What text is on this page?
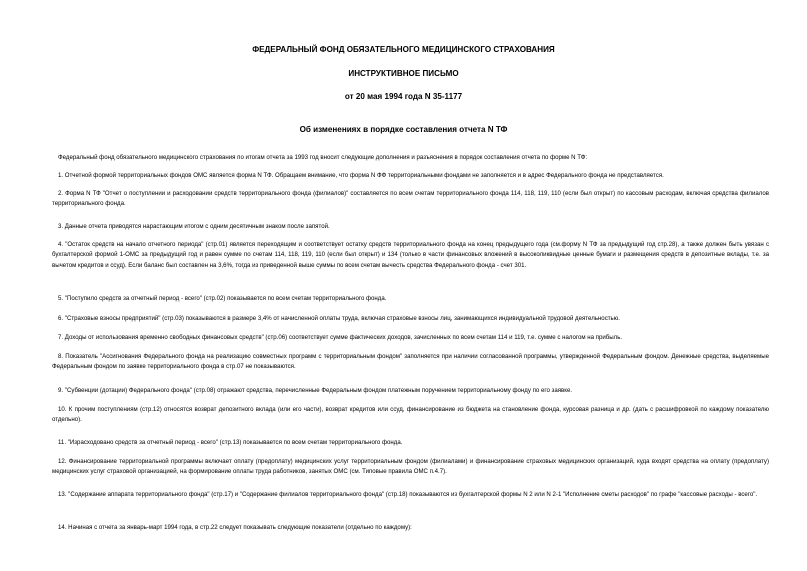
ФЕДЕРАЛЬНЫЙ ФОНД ОБЯЗАТЕЛЬНОГО МЕДИЦИНСКОГО СТРАХОВАНИЯ
ИНСТРУКТИВНОЕ ПИСЬМО
от 20 мая 1994 года N 35-1177
Об изменениях в порядке составления отчета N ТФ

Федеральный фонд обязательного медицинского страхования по итогам отчета за 1993 год вносит следующие дополнения и разъяснения в порядок составления отчета по форме N ТФ:

1. Отчетной формой территориальных фондов ОМС является форма N ТФ. Обращаем внимание, что форма N ФФ территориальными фондами не заполняется и в адрес Федерального фонда не представляется.

2. Форма N ТФ "Отчет о поступлении и расходовании средств территориального фонда (филиалов)" составляется по всем счетам территориального фонда 114, 118, 119, 110 (если был открыт) по кассовым расходам, включая средства филиалов территориального фонда.

3. Данные отчета приводятся нарастающим итогом с одним десятичным знаком после запятой.

4. "Остаток средств на начало отчетного периода" (стр.01) является переходящим и соответствует остатку средств территориального фонда на конец предыдущего года (см.форму N ТФ за предыдущий год стр.28), а также должен быть увязан с бухгалтерской формой 1-ОМС за предыдущий год и равен сумме по счетам 114, 118, 119, 110 (если был открыт) и 134 (только в части финансовых вложений в высоколиквидные ценные бумаги и размещения средств в депозитные вклады, т.е. за вычетом кредитов и ссуд). Если баланс был составлен на 3,6%, тогда из приведенной выше суммы по всем счетам вычесть средства Федерального фонда - счет 301.

5. "Поступило средств за отчетный период - всего" (стр.02) показывается по всем счетам территориального фонда.

6. "Страховые взносы предприятий" (стр.03) показываются в размере 3,4% от начисленной оплаты труда, включая страховые взносы лиц, занимающихся индивидуальной трудовой деятельностью.

7. Доходы от использования временно свободных финансовых средств" (стр.06) соответствует сумме фактических доходов, зачисленных по всем счетам 114 и 119, т.е. сумме с налогом на прибыль.

8. Показатель "Ассигнования Федерального фонда на реализацию совместных программ с территориальным фондом" заполняется при наличии согласованной программы, утвержденной Федеральным фондом. Денежные средства, выделяемые Федеральным фондом по заявке территориального фонда в стр.07 не показываются.

9. "Субвенции (дотации) Федерального фонда" (стр.08) отражают средства, перечисленные Федеральным фондом платежным поручением территориальному фонду по его заявке.

10. К прочим поступлениям (стр.12) относятся возврат депозитного вклада (или его части), возврат кредитов или ссуд, финансирование из бюджета на становление фонда, курсовая разница и др. (дать с расшифровкой по каждому показателю отдельно).

11. "Израсходовано средств за отчетный период - всего" (стр.13) показывается по всем счетам территориального фонда.

12. Финансирование территориальной программы включает оплату (предоплату) медицинских услуг территориальным фондом (филиалами) и финансирование страховых медицинских организаций, куда входят средства на оплату (предоплату) медицинских услуг страховой организацией, на формирование оплаты труда работников, занятых ОМС (см. Типовые правила ОМС п.4.7).

13. "Содержание аппарата территориального фонда" (стр.17) и "Содержание филиалов территориального фонда" (стр.18) показываются из бухгалтерской формы N 2 или N 2-1 "Исполнение сметы расходов" по графе "кассовые расходы - всего".

14. Начиная с отчета за январь-март 1994 года, в стр.22 следует показывать следующие показатели (отдельно по каждому):
